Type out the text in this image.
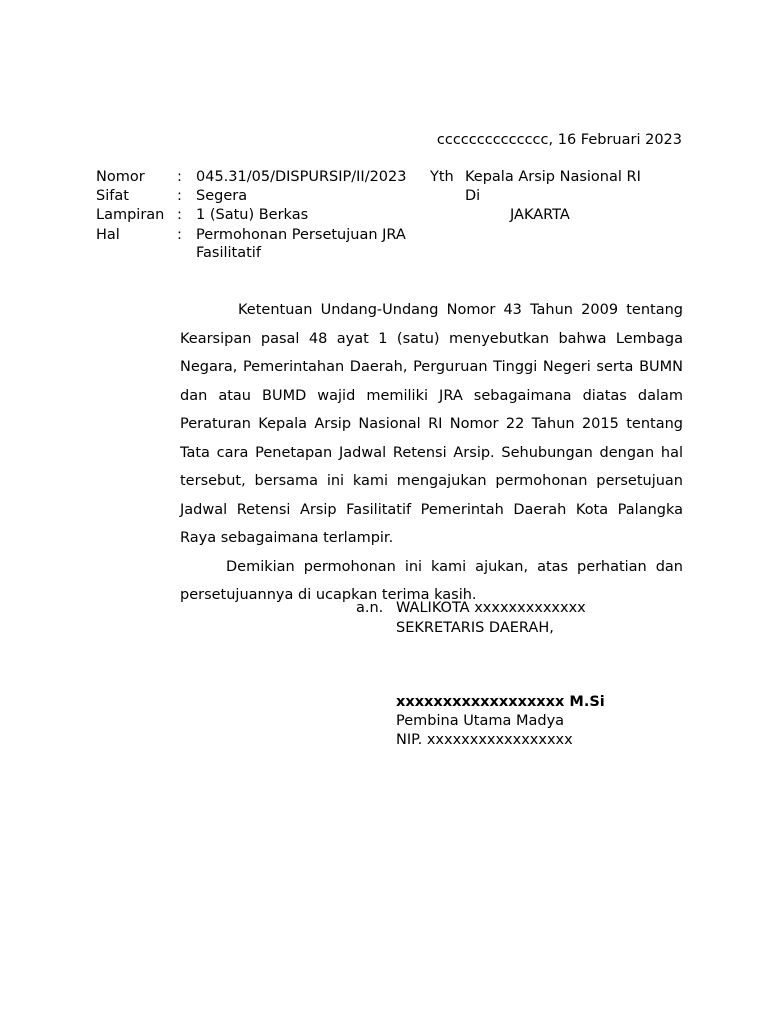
cccccccccccccc, 16 Februari 2023
Nomor : 045.31/05/DISPURSIP/II/2023
Sifat	: Segera
Lampiran : 1 (Satu) Berkas
Hal	: Permohonan Persetujuan JRA
Fasilitatif
Yth Kepala Arsip Nasional RI
Di
JAKARTA

Ketentuan Undang-Undang Nomor 43 Tahun 2009 tentang Kearsipan pasal 48 ayat 1 (satu) menyebutkan bahwa Lembaga Negara, Pemerintahan Daerah, Perguruan Tinggi Negeri serta BUMN dan atau BUMD wajid memiliki JRA sebagaimana diatas dalam Peraturan Kepala Arsip Nasional RI Nomor 22 Tahun 2015 tentang Tata cara Penetapan Jadwal Retensi Arsip. Sehubungan dengan hal tersebut, bersama ini kami mengajukan permohonan persetujuan Jadwal Retensi Arsip Fasilitatif Pemerintah Daerah Kota Palangka Raya sebagaimana terlampir.

Demikian permohonan ini kami ajukan, atas perhatian dan persetujuannya di ucapkan terima kasih.

a.n. WALIKOTA xxxxxxxxxxxxx
SEKRETARIS DAERAH,
xxxxxxxxxxxxxxxxxx M.Si
Pembina Utama Madya
NIP. xxxxxxxxxxxxxxxxx
